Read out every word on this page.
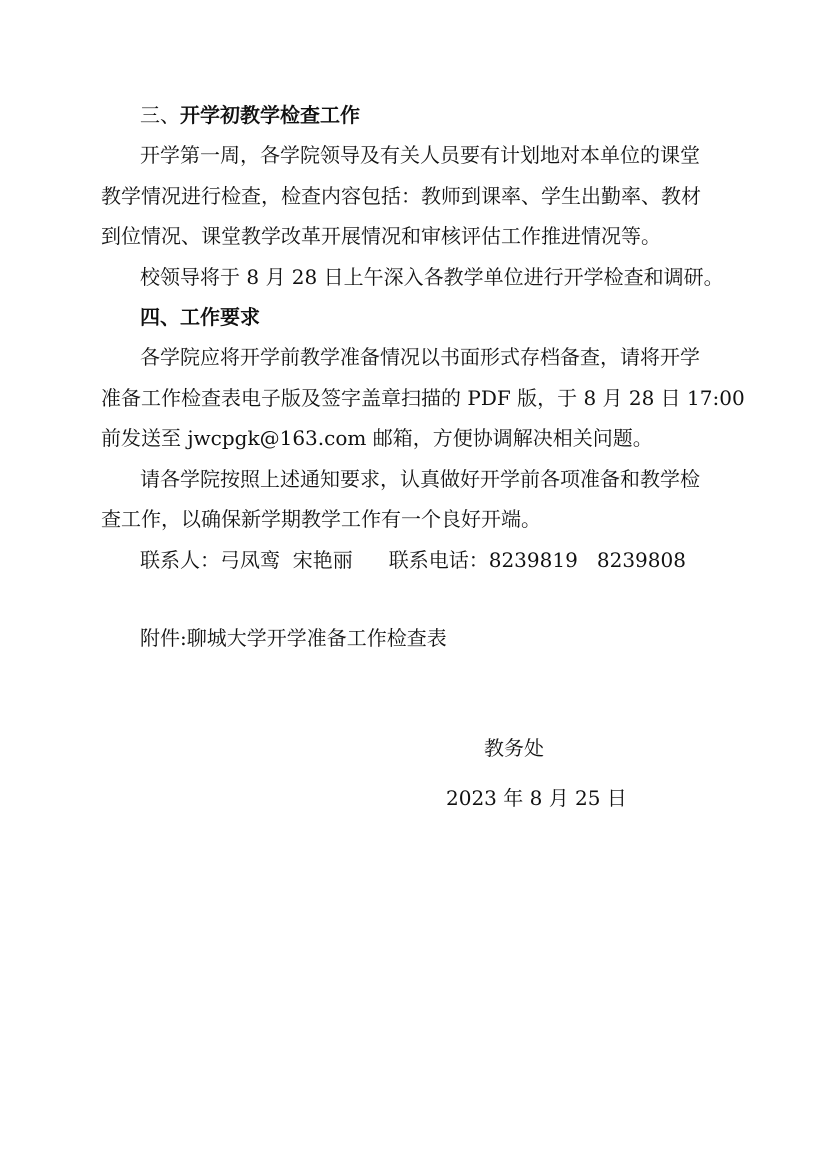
三、开学初教学检查工作
开学第一周，各学院领导及有关人员要有计划地对本单位的课堂
教学情况进行检查，检查内容包括：教师到课率、学生出勤率、教材
到位情况、课堂教学改革开展情况和审核评估工作推进情况等。
校领导将于 8 月 28 日上午深入各教学单位进行开学检查和调研。
四、工作要求
各学院应将开学前教学准备情况以书面形式存档备查，请将开学
准备工作检查表电子版及签字盖章扫描的 PDF 版，于 8 月 28 日 17:00
前发送至 jwcpgk@163.com 邮箱，方便协调解决相关问题。
请各学院按照上述通知要求，认真做好开学前各项准备和教学检
查工作，以确保新学期教学工作有一个良好开端。
联系人：弓凤鸾  宋艳丽 联系电话：8239819   8239808
附件:聊城大学开学准备工作检查表
教务处
2023 年 8 月 25 日
